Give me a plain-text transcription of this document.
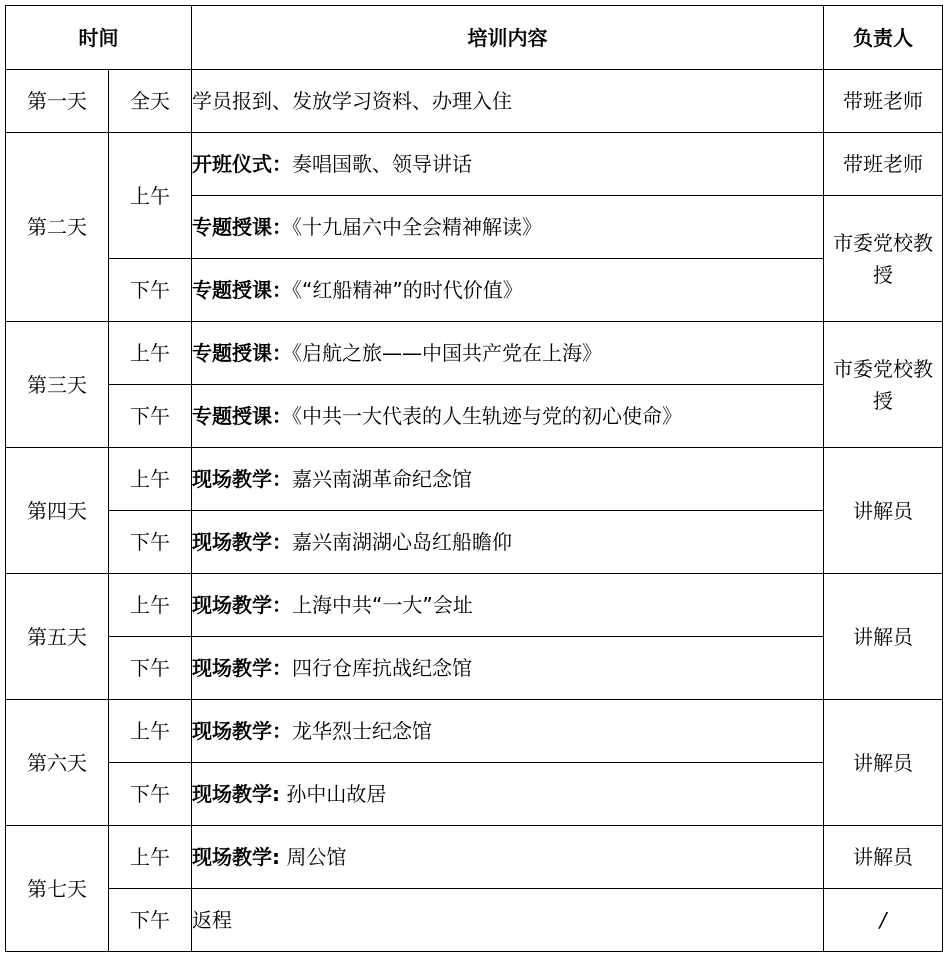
时间		培训内容	负责人
第一天	全天	学员报到、发放学习资料、办理入住	带班老师
第二天	上午	开班仪式：奏唱国歌、领导讲话	带班老师
		专题授课：《十九届六中全会精神解读》	市委党校教授

	下午	专题授课：《“红船精神”的时代价值》	
第三天	上午	专题授课：《启航之旅——中国共产党在上海》	市委党校教授

	下午	专题授课：《中共一大代表的人生轨迹与党的初心使命》	
第四天	上午	现场教学：嘉兴南湖革命纪念馆	讲解员
	下午	现场教学：嘉兴南湖湖心岛红船瞻仰	
第五天	上午	现场教学：上海中共“一大”会址	讲解员
	下午	现场教学：四行仓库抗战纪念馆	
第六天	上午	现场教学：龙华烈士纪念馆	讲解员
	下午	现场教学: 孙中山故居	
第七天	上午	现场教学: 周公馆	讲解员
	下午	返程	/
